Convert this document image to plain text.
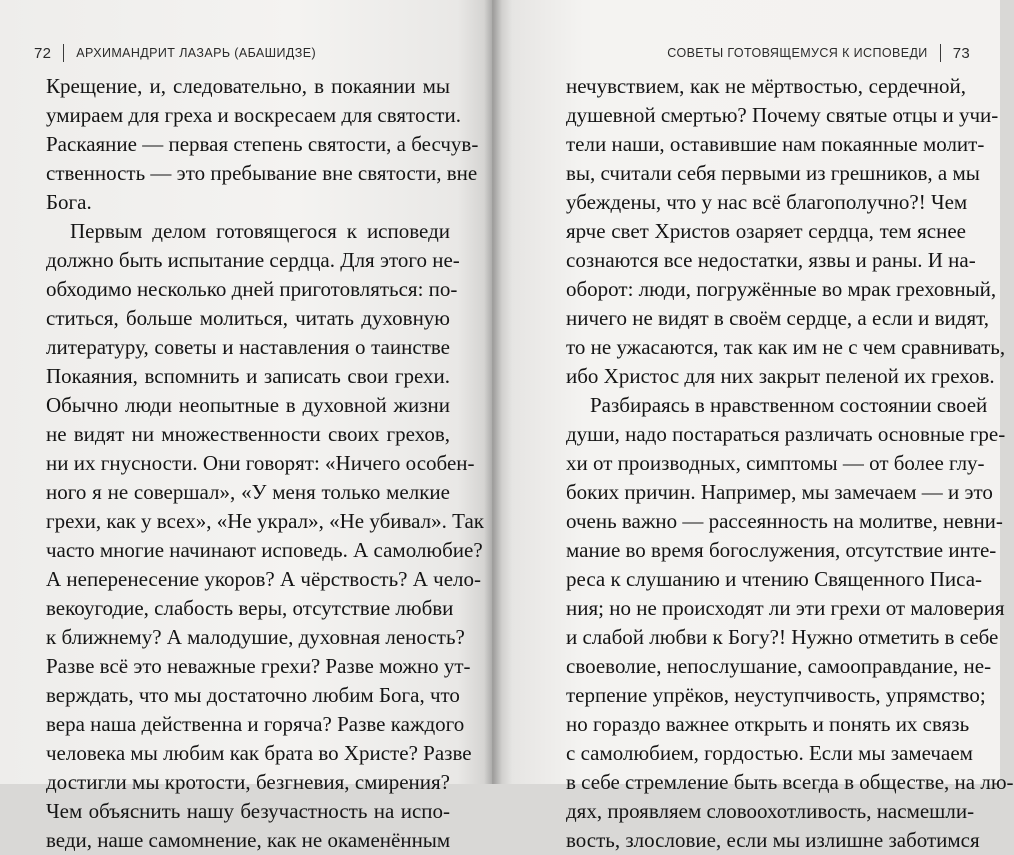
72 АРХИМАНДРИТ ЛАЗАРЬ (АБАШИДЗЕ)
Крещение, и, следовательно, в покаянии мы
умираем для греха и воскресаем для святости.
Раскаяние — первая степень святости, а бесчув-
ственность — это пребывание вне святости, вне
Бога.
Первым делом готовящегося к исповеди
должно быть испытание сердца. Для этого не-
обходимо несколько дней приготовляться: по-
ститься, больше молиться, читать духовную
литературу, советы и наставления о таинстве
Покаяния, вспомнить и записать свои грехи.
Обычно люди неопытные в духовной жизни
не видят ни множественности своих грехов,
ни их гнусности. Они говорят: «Ничего особен-
ного я не совершал», «У меня только мелкие
грехи, как у всех», «Не украл», «Не убивал». Так
часто многие начинают исповедь. А самолюбие?
А неперенесение укоров? А чёрствость? А чело-
векоугодие, слабость веры, отсутствие любви
к ближнему? А малодушие, духовная леность?
Разве всё это неважные грехи? Разве можно ут-
верждать, что мы достаточно любим Бога, что
вера наша действенна и горяча? Разве каждого
человека мы любим как брата во Христе? Разве
достигли мы кротости, безгневия, смирения?
Чем объяснить нашу безучастность на испо-
веди, наше самомнение, как не окаменённым
СОВЕТЫ ГОТОВЯЩЕМУСЯ К ИСПОВЕДИ 73
нечувствием, как не мёртвостью, сердечной,
душевной смертью? Почему святые отцы и учи-
тели наши, оставившие нам покаянные молит-
вы, считали себя первыми из грешников, а мы
убеждены, что у нас всё благополучно?! Чем
ярче свет Христов озаряет сердца, тем яснее
сознаются все недостатки, язвы и раны. И на-
оборот: люди, погружённые во мрак греховный,
ничего не видят в своём сердце, а если и видят,
то не ужасаются, так как им не с чем сравнивать,
ибо Христос для них закрыт пеленой их грехов.
Разбираясь в нравственном состоянии своей
души, надо постараться различать основные гре-
хи от производных, симптомы — от более глу-
боких причин. Например, мы замечаем — и это
очень важно — рассеянность на молитве, невни-
мание во время богослужения, отсутствие инте-
реса к слушанию и чтению Священного Писа-
ния; но не происходят ли эти грехи от маловерия
и слабой любви к Богу?! Нужно отметить в себе
своеволие, непослушание, самооправдание, не-
терпение упрёков, неуступчивость, упрямство;
но гораздо важнее открыть и понять их связь
с самолюбием, гордостью. Если мы замечаем
в себе стремление быть всегда в обществе, на лю-
дях, проявляем словоохотливость, насмешли-
вость, злословие, если мы излишне заботимся
